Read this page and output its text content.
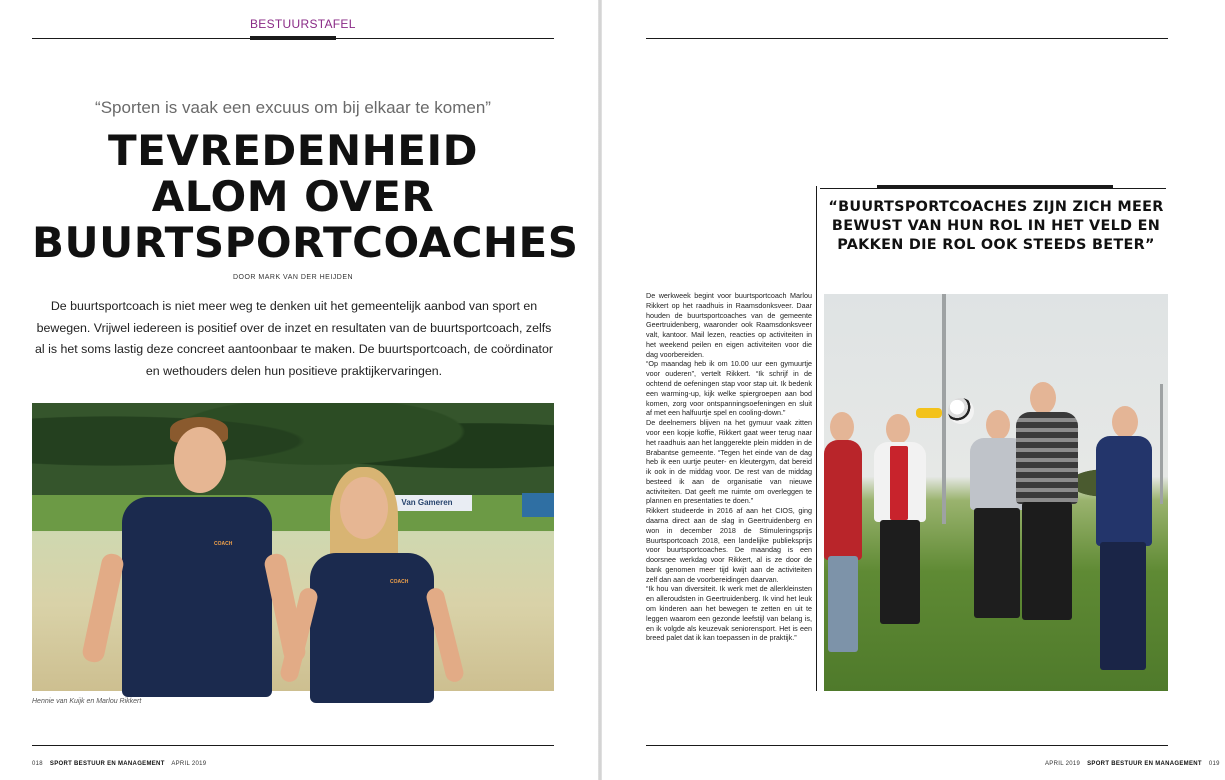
BESTUURSTAFEL
“Sporten is vaak een excuus om bij elkaar te komen”
TEVREDENHEID
ALOM OVER
BUURTSPORTCOACHES
DOOR MARK VAN DER HEIJDEN
De buurtsportcoach is niet meer weg te denken uit het gemeentelijk aanbod van sport en bewegen. Vrijwel iedereen is positief over de inzet en resultaten van de buurtsportcoach, zelfs al is het soms lastig deze concreet aantoonbaar te maken. De buurtsportcoach, de coördinator en wethouders delen hun positieve praktijkervaringen.
Van Gameren
COACH
COACH
Hennie van Kuijk en Marlou Rikkert
018 SPORT BESTUUR EN MANAGEMENT APRIL 2019
“BUURTSPORTCOACHES ZIJN ZICH MEER BEWUST VAN HUN ROL IN HET VELD EN PAKKEN DIE ROL OOK STEEDS BETER”

De werkweek begint voor buurtsportcoach Marlou Rikkert op het raadhuis in Raamsdonksveer. Daar houden de buurtsportcoaches van de gemeente Geertruidenberg, waaronder ook Raamsdonksveer valt, kantoor. Mail lezen, reacties op activiteiten in het weekend peilen en eigen activiteiten voor die dag voorbereiden.

“Op maandag heb ik om 10.00 uur een gymuurtje voor ouderen”, vertelt Rikkert. “Ik schrijf in de ochtend de oefeningen stap voor stap uit. Ik bedenk een warming-up, kijk welke spiergroepen aan bod komen, zorg voor ontspanningsoefeningen en sluit af met een halfuurtje spel en cooling-down.”

De deelnemers blijven na het gymuur vaak zitten voor een kopje koffie, Rikkert gaat weer terug naar het raadhuis aan het langgerekte plein midden in de Brabantse gemeente. “Tegen het einde van de dag heb ik een uurtje peuter- en kleutergym, dat bereid ik ook in de middag voor. De rest van de middag besteed ik aan de organisatie van nieuwe activiteiten. Dat geeft me ruimte om overleggen te plannen en presentaties te doen.”

Rikkert studeerde in 2016 af aan het CIOS, ging daarna direct aan de slag in Geertruidenberg en won in december 2018 de Stimuleringsprijs Buurtsportcoach 2018, een landelijke publieksprijs voor buurtsportcoaches. De maandag is een doorsnee werkdag voor Rikkert, al is ze door de bank genomen meer tijd kwijt aan de activiteiten zelf dan aan de voorbereidingen daarvan.

“Ik hou van diversiteit. Ik werk met de allerkleinsten en alleroudsten in Geertruidenberg. Ik vind het leuk om kinderen aan het bewegen te zetten en uit te leggen waarom een gezonde leefstijl van belang is, en ik volgde als keuzevak seniorensport. Het is een breed palet dat ik kan toepassen in de praktijk.”

APRIL 2019 SPORT BESTUUR EN MANAGEMENT 019
